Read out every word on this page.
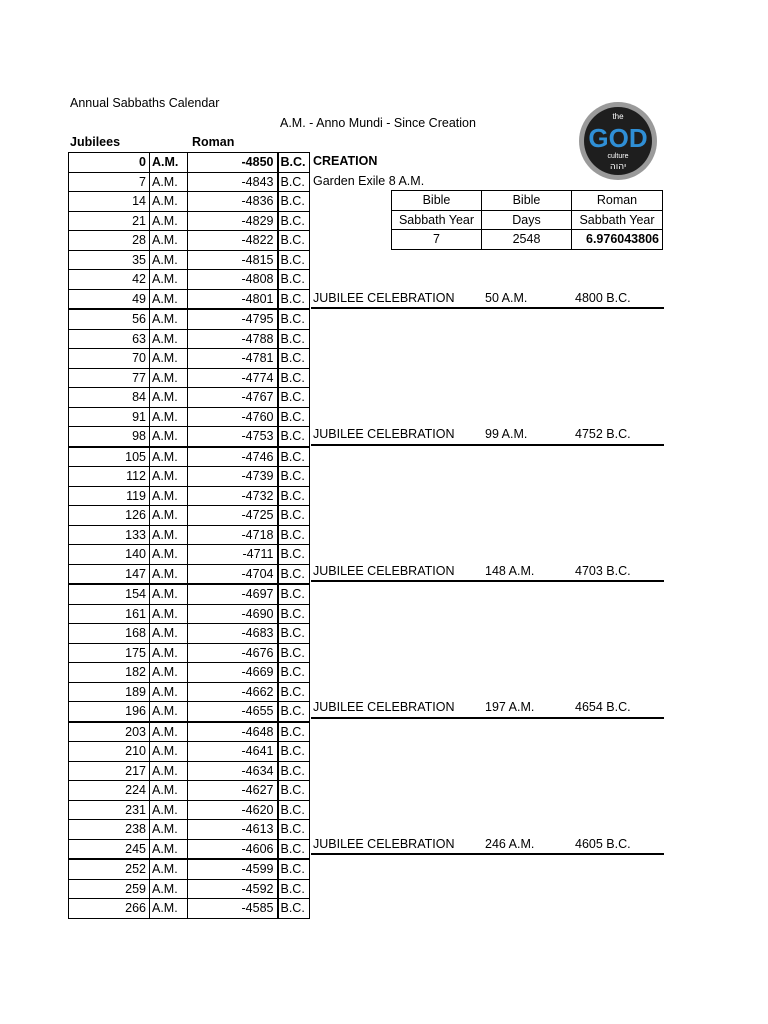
Annual Sabbaths Calendar
A.M. - Anno Mundi - Since Creation
Jubilees	Roman
the
GOD
culture
יהוה
0	A.M.	-4850	B.C.
7	A.M.	-4843	B.C.
14	A.M.	-4836	B.C.
21	A.M.	-4829	B.C.
28	A.M.	-4822	B.C.
35	A.M.	-4815	B.C.
42	A.M.	-4808	B.C.
49	A.M.	-4801	B.C.
56	A.M.	-4795	B.C.
63	A.M.	-4788	B.C.
70	A.M.	-4781	B.C.
77	A.M.	-4774	B.C.
84	A.M.	-4767	B.C.
91	A.M.	-4760	B.C.
98	A.M.	-4753	B.C.
105	A.M.	-4746	B.C.
112	A.M.	-4739	B.C.
119	A.M.	-4732	B.C.
126	A.M.	-4725	B.C.
133	A.M.	-4718	B.C.
140	A.M.	-4711	B.C.
147	A.M.	-4704	B.C.
154	A.M.	-4697	B.C.
161	A.M.	-4690	B.C.
168	A.M.	-4683	B.C.
175	A.M.	-4676	B.C.
182	A.M.	-4669	B.C.
189	A.M.	-4662	B.C.
196	A.M.	-4655	B.C.
203	A.M.	-4648	B.C.
210	A.M.	-4641	B.C.
217	A.M.	-4634	B.C.
224	A.M.	-4627	B.C.
231	A.M.	-4620	B.C.
238	A.M.	-4613	B.C.
245	A.M.	-4606	B.C.
252	A.M.	-4599	B.C.
259	A.M.	-4592	B.C.
266	A.M.	-4585	B.C.
CREATION
Garden Exile 8 A.M.
JUBILEE CELEBRATION 50 A.M.	4800 B.C.
JUBILEE CELEBRATION 99 A.M.	4752 B.C.
JUBILEE CELEBRATION 148 A.M.	4703 B.C.
JUBILEE CELEBRATION 197 A.M.	4654 B.C.
JUBILEE CELEBRATION 246 A.M.	4605 B.C.
Bible	Bible	Roman
Sabbath Year	Days	Sabbath Year
7	2548	6.976043806
